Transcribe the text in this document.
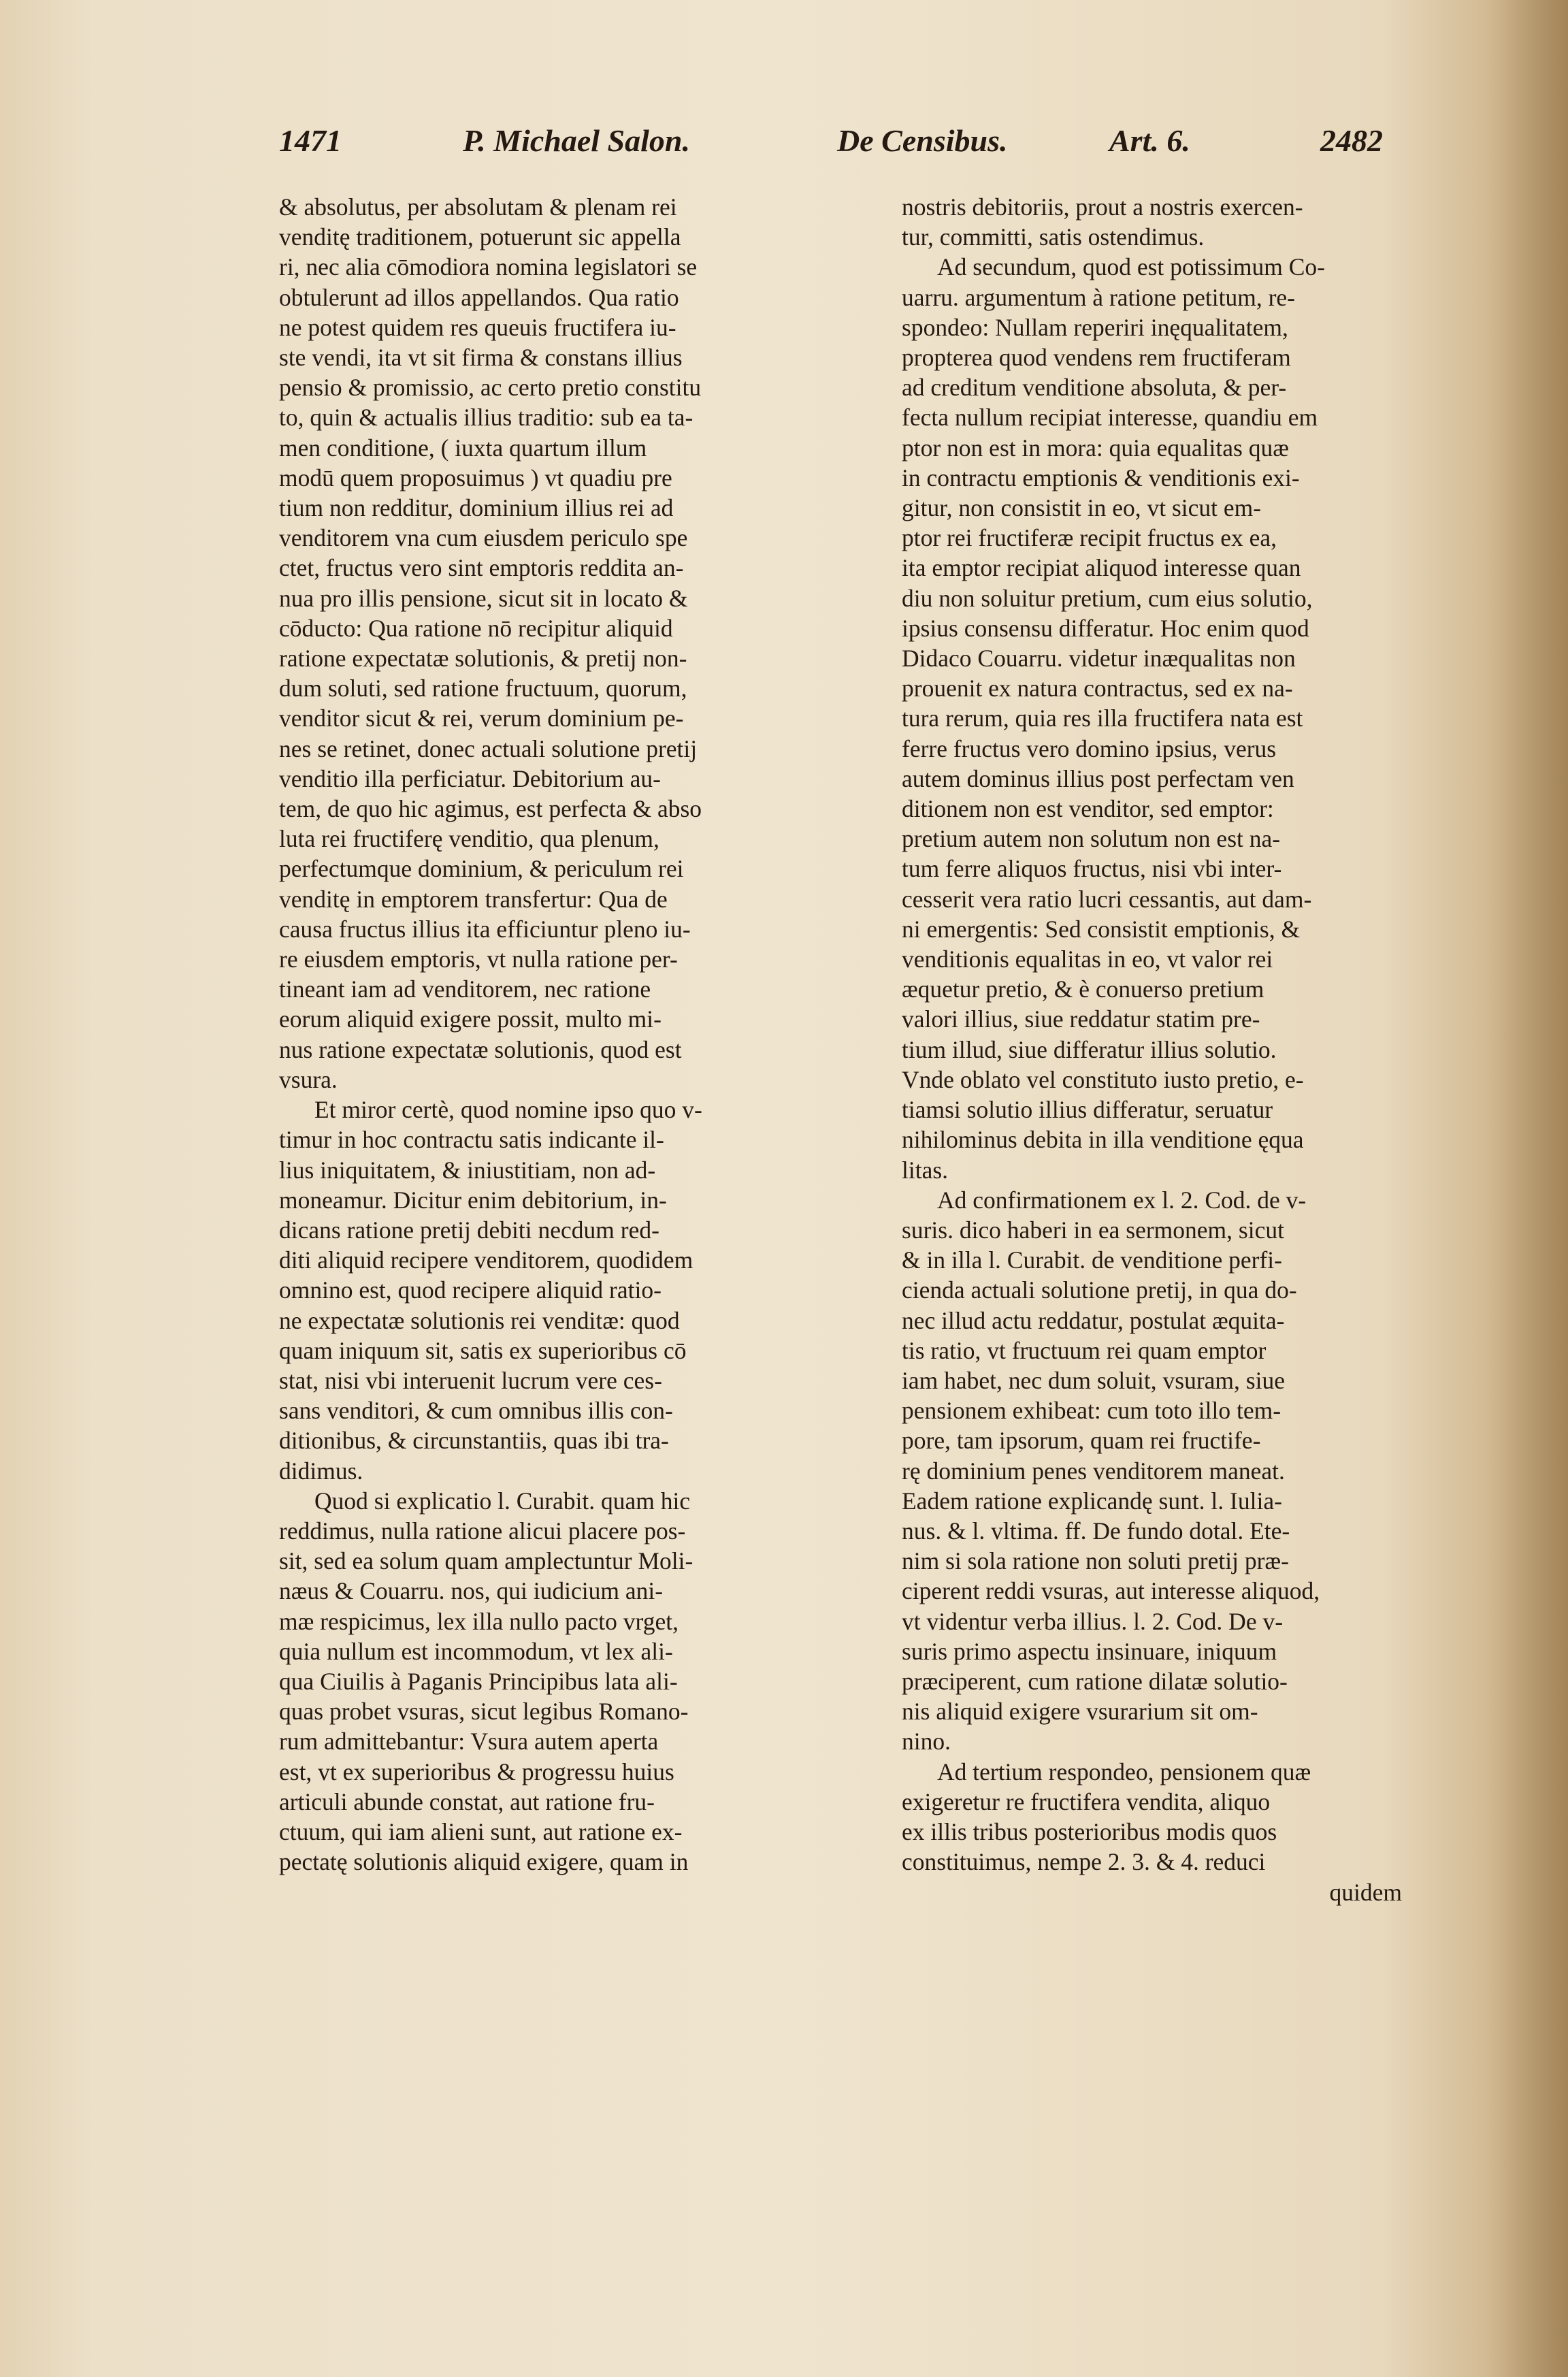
1471	P. Michael Salon.	De Censibus.	Art. 6.	2482
& absolutus, per absolutam & plenam rei
venditę traditionem, potuerunt sic appella
ri, nec alia cōmodiora nomina legislatori se
obtulerunt ad illos appellandos. Qua ratio
ne potest quidem res queuis fructifera iu-
ste vendi, ita vt sit firma & constans illius
pensio & promissio, ac certo pretio constitu
to, quin & actualis illius traditio: sub ea ta-
men conditione, ( iuxta quartum illum
modū quem proposuimus ) vt quadiu pre
tium non redditur, dominium illius rei ad
venditorem vna cum eiusdem periculo spe
ctet, fructus vero sint emptoris reddita an-
nua pro illis pensione, sicut sit in locato &
cōducto: Qua ratione nō recipitur aliquid
ratione expectatæ solutionis, & pretij non-
dum soluti, sed ratione fructuum, quorum,
venditor sicut & rei, verum dominium pe-
nes se retinet, donec actuali solutione pretij
venditio illa perficiatur. Debitorium au-
tem, de quo hic agimus, est perfecta & abso
luta rei fructiferę venditio, qua plenum,
perfectumque dominium, & periculum rei
venditę in emptorem transfertur: Qua de
causa fructus illius ita efficiuntur pleno iu-
re eiusdem emptoris, vt nulla ratione per-
tineant iam ad venditorem, nec ratione
eorum aliquid exigere possit, multo mi-
nus ratione expectatæ solutionis, quod est
vsura.
Et miror certè, quod nomine ipso quo v-
timur in hoc contractu satis indicante il-
lius iniquitatem, & iniustitiam, non ad-
moneamur. Dicitur enim debitorium, in-
dicans ratione pretij debiti necdum red-
diti aliquid recipere venditorem, quodidem
omnino est, quod recipere aliquid ratio-
ne expectatæ solutionis rei venditæ: quod
quam iniquum sit, satis ex superioribus cō
stat, nisi vbi interuenit lucrum vere ces-
sans venditori, & cum omnibus illis con-
ditionibus, & circunstantiis, quas ibi tra-
didimus.
Quod si explicatio l. Curabit. quam hic
reddimus, nulla ratione alicui placere pos-
sit, sed ea solum quam amplectuntur Moli-
næus & Couarru. nos, qui iudicium ani-
mæ respicimus, lex illa nullo pacto vrget,
quia nullum est incommodum, vt lex ali-
qua Ciuilis à Paganis Principibus lata ali-
quas probet vsuras, sicut legibus Romano-
rum admittebantur: Vsura autem aperta
est, vt ex superioribus & progressu huius
articuli abunde constat, aut ratione fru-
ctuum, qui iam alieni sunt, aut ratione ex-
pectatę solutionis aliquid exigere, quam in
nostris debitoriis, prout a nostris exercen-
tur, committi, satis ostendimus.
Ad secundum, quod est potissimum Co-
uarru. argumentum à ratione petitum, re-
spondeo: Nullam reperiri inęqualitatem,
propterea quod vendens rem fructiferam
ad creditum venditione absoluta, & per-
fecta nullum recipiat interesse, quandiu em
ptor non est in mora: quia equalitas quæ
in contractu emptionis & venditionis exi-
gitur, non consistit in eo, vt sicut em-
ptor rei fructiferæ recipit fructus ex ea,
ita emptor recipiat aliquod interesse quan
diu non soluitur pretium, cum eius solutio,
ipsius consensu differatur. Hoc enim quod
Didaco Couarru. videtur inæqualitas non
prouenit ex natura contractus, sed ex na-
tura rerum, quia res illa fructifera nata est
ferre fructus vero domino ipsius, verus
autem dominus illius post perfectam ven
ditionem non est venditor, sed emptor:
pretium autem non solutum non est na-
tum ferre aliquos fructus, nisi vbi inter-
cesserit vera ratio lucri cessantis, aut dam-
ni emergentis: Sed consistit emptionis, &
venditionis equalitas in eo, vt valor rei
æquetur pretio, & è conuerso pretium
valori illius, siue reddatur statim pre-
tium illud, siue differatur illius solutio.
Vnde oblato vel constituto iusto pretio, e-
tiamsi solutio illius differatur, seruatur
nihilominus debita in illa venditione ęqua
litas.
Ad confirmationem ex l. 2. Cod. de v-
suris. dico haberi in ea sermonem, sicut
& in illa l. Curabit. de venditione perfi-
cienda actuali solutione pretij, in qua do-
nec illud actu reddatur, postulat æquita-
tis ratio, vt fructuum rei quam emptor
iam habet, nec dum soluit, vsuram, siue
pensionem exhibeat: cum toto illo tem-
pore, tam ipsorum, quam rei fructife-
rę dominium penes venditorem maneat.
Eadem ratione explicandę sunt. l. Iulia-
nus. & l. vltima. ff. De fundo dotal. Ete-
nim si sola ratione non soluti pretij præ-
ciperent reddi vsuras, aut interesse aliquod,
vt videntur verba illius. l. 2. Cod. De v-
suris primo aspectu insinuare, iniquum
præciperent, cum ratione dilatæ solutio-
nis aliquid exigere vsurarium sit om-
nino.
Ad tertium respondeo, pensionem quæ
exigeretur re fructifera vendita, aliquo
ex illis tribus posterioribus modis quos
constituimus, nempe 2. 3. & 4. reduci
quidem
